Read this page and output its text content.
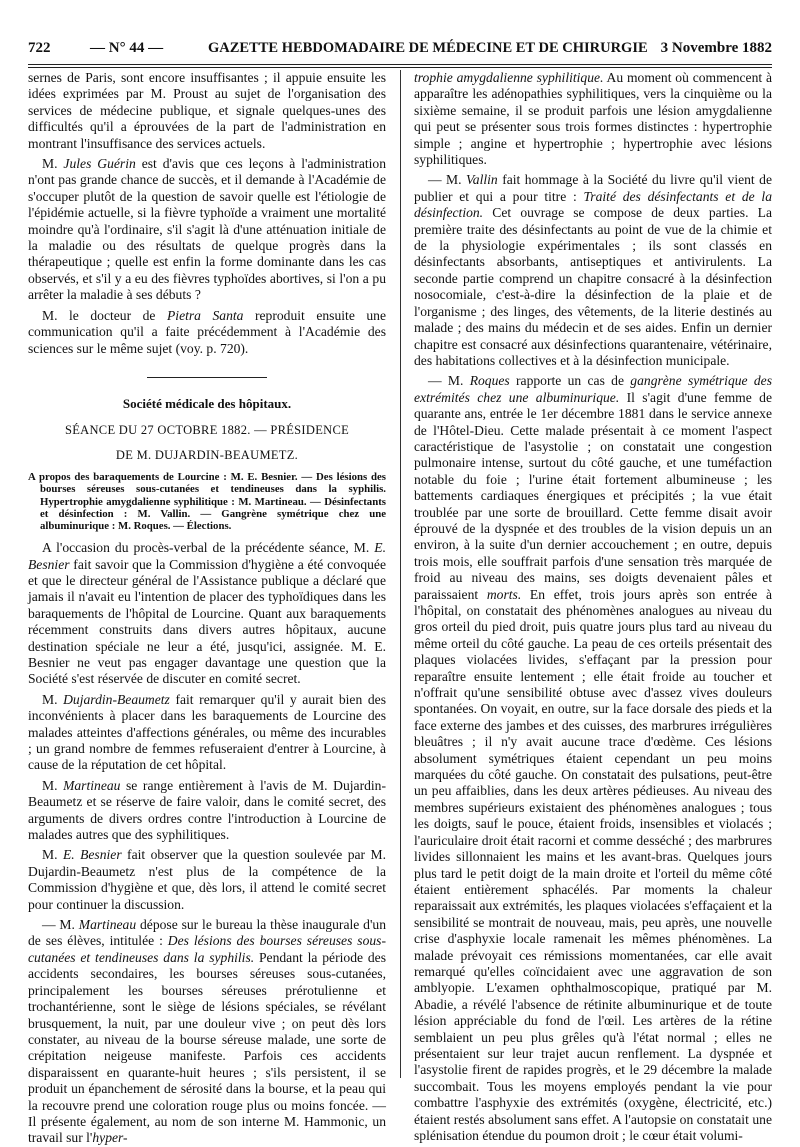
722	— N° 44 —	GAZETTE HEBDOMADAIRE DE MÉDECINE ET DE CHIRURGIE 3 Novembre 1882

sernes de Paris, sont encore insuffisantes ; il appuie ensuite les idées exprimées par M. Proust au sujet de l'organisation des services de médecine publique, et signale quelques-unes des difficultés qu'il a éprouvées de la part de l'administration en montrant l'insuffisance des services actuels.

M. Jules Guérin est d'avis que ces leçons à l'administration n'ont pas grande chance de succès, et il demande à l'Académie de s'occuper plutôt de la question de savoir quelle est l'étiologie de l'épidémie actuelle, si la fièvre typhoïde a vraiment une mortalité moindre qu'à l'ordinaire, s'il s'agit là d'une atténuation initiale de la maladie ou des résultats de quelque progrès dans la thérapeutique ; quelle est enfin la forme dominante dans les cas observés, et s'il y a eu des fièvres typhoïdes abortives, si l'on a pu arrêter la maladie à ses débuts ?

M. le docteur de Pietra Santa reproduit ensuite une communication qu'il a faite précédemment à l'Académie des sciences sur le même sujet (voy. p. 720).

Société médicale des hôpitaux.
SÉANCE DU 27 OCTOBRE 1882. — PRÉSIDENCE
DE M. DUJARDIN-BEAUMETZ.
A propos des baraquements de Lourcine : M. E. Besnier. — Des lésions des bourses séreuses sous-cutanées et tendineuses dans la syphilis. Hypertrophie amygdalienne syphilitique : M. Martineau. — Désinfectants et désinfection : M. Vallin. — Gangrène symétrique chez une albuminurique : M. Roques. — Élections.

A l'occasion du procès-verbal de la précédente séance, M. E. Besnier fait savoir que la Commission d'hygiène a été convoquée et que le directeur général de l'Assistance publique a déclaré que jamais il n'avait eu l'intention de placer des typhoïdiques dans les baraquements de l'hôpital de Lourcine. Quant aux baraquements récemment construits dans divers autres hôpitaux, aucune destination spéciale ne leur a été, jusqu'ici, assignée. M. E. Besnier ne veut pas engager davantage une question que la Société s'est réservée de discuter en comité secret.

M. Dujardin-Beaumetz fait remarquer qu'il y aurait bien des inconvénients à placer dans les baraquements de Lourcine des malades atteintes d'affections générales, ou même des incurables ; un grand nombre de femmes refuseraient d'entrer à Lourcine, à cause de la réputation de cet hôpital.

M. Martineau se range entièrement à l'avis de M. Dujardin-Beaumetz et se réserve de faire valoir, dans le comité secret, des arguments de divers ordres contre l'introduction à Lourcine de malades autres que des syphilitiques.

M. E. Besnier fait observer que la question soulevée par M. Dujardin-Beaumetz n'est plus de la compétence de la Commission d'hygiène et que, dès lors, il attend le comité secret pour continuer la discussion.

— M. Martineau dépose sur le bureau la thèse inaugurale d'un de ses élèves, intitulée : Des lésions des bourses séreuses sous-cutanées et tendineuses dans la syphilis. Pendant la période des accidents secondaires, les bourses séreuses sous-cutanées, principalement les bourses séreuses prérotulienne et trochantérienne, sont le siège de lésions spéciales, se révélant brusquement, la nuit, par une douleur vive ; on peut dès lors constater, au niveau de la bourse séreuse malade, une sorte de crépitation neigeuse manifeste. Parfois ces accidents disparaissent en quarante-huit heures ; s'ils persistent, il se produit un épanchement de sérosité dans la bourse, et la peau qui la recouvre prend une coloration rouge plus ou moins foncée. — Il présente également, au nom de son interne M. Hammonic, un travail sur l'hyper-

trophie amygdalienne syphilitique. Au moment où commencent à apparaître les adénopathies syphilitiques, vers la cinquième ou la sixième semaine, il se produit parfois une lésion amygdalienne qui peut se présenter sous trois formes distinctes : hypertrophie simple ; angine et hypertrophie ; hypertrophie avec lésions syphilitiques.

— M. Vallin fait hommage à la Société du livre qu'il vient de publier et qui a pour titre : Traité des désinfectants et de la désinfection. Cet ouvrage se compose de deux parties. La première traite des désinfectants au point de vue de la chimie et de la physiologie expérimentales ; ils sont classés en désinfectants absorbants, antiseptiques et antivirulents. La seconde partie comprend un chapitre consacré à la désinfection nosocomiale, c'est-à-dire la désinfection de la plaie et de l'organisme ; des linges, des vêtements, de la literie destinés au malade ; des mains du médecin et de ses aides. Enfin un dernier chapitre est consacré aux désinfections quarantenaire, vétérinaire, des habitations collectives et à la désinfection municipale.

— M. Roques rapporte un cas de gangrène symétrique des extrémités chez une albuminurique. Il s'agit d'une femme de quarante ans, entrée le 1er décembre 1881 dans le service annexe de l'Hôtel-Dieu. Cette malade présentait à ce moment l'aspect caractéristique de l'asystolie ; on constatait une congestion pulmonaire intense, surtout du côté gauche, et une tuméfaction notable du foie ; l'urine était fortement albumineuse ; les battements cardiaques énergiques et précipités ; la vue était troublée par une sorte de brouillard. Cette femme disait avoir éprouvé de la dyspnée et des troubles de la vision depuis un an environ, à la suite d'un dernier accouchement ; en outre, depuis trois mois, elle souffrait parfois d'une sensation très marquée de froid au niveau des mains, ses doigts devenaient pâles et paraissaient morts. En effet, trois jours après son entrée à l'hôpital, on constatait des phénomènes analogues au niveau du gros orteil du pied droit, puis quatre jours plus tard au niveau du même orteil du côté gauche. La peau de ces orteils présentait des plaques violacées livides, s'effaçant par la pression pour reparaître ensuite lentement ; elle était froide au toucher et n'offrait qu'une sensibilité obtuse avec d'assez vives douleurs spontanées. On voyait, en outre, sur la face dorsale des pieds et la face externe des jambes et des cuisses, des marbrures irrégulières bleuâtres ; il n'y avait aucune trace d'œdème. Ces lésions absolument symétriques étaient cependant un peu moins marquées du côté gauche. On constatait des pulsations, peut-être un peu affaiblies, dans les deux artères pédieuses. Au niveau des membres supérieurs existaient des phénomènes analogues ; tous les doigts, sauf le pouce, étaient froids, insensibles et violacés ; l'auriculaire droit était racorni et comme desséché ; des marbrures livides sillonnaient les mains et les avant-bras. Quelques jours plus tard le petit doigt de la main droite et l'orteil du même côté étaient entièrement sphacélés. Par moments la chaleur reparaissait aux extrémités, les plaques violacées s'effaçaient et la sensibilité se montrait de nouveau, mais, peu après, une nouvelle crise d'asphyxie locale ramenait les mêmes phénomènes. La malade prévoyait ces rémissions momentanées, car elle avait remarqué qu'elles coïncidaient avec une aggravation de son amblyopie. L'examen ophthalmoscopique, pratiqué par M. Abadie, a révélé l'absence de rétinite albuminurique et de toute lésion appréciable du fond de l'œil. Les artères de la rétine semblaient un peu plus grêles qu'à l'état normal ; elles ne présentaient sur leur trajet aucun renflement. La dyspnée et l'asystolie firent de rapides progrès, et le 29 décembre la malade succombait. Tous les moyens employés pendant la vie pour combattre l'asphyxie des extrémités (oxygène, électricité, etc.) étaient restés absolument sans effet. A l'autopsie on constatait une splénisation étendue du poumon droit ; le cœur était volumi-
